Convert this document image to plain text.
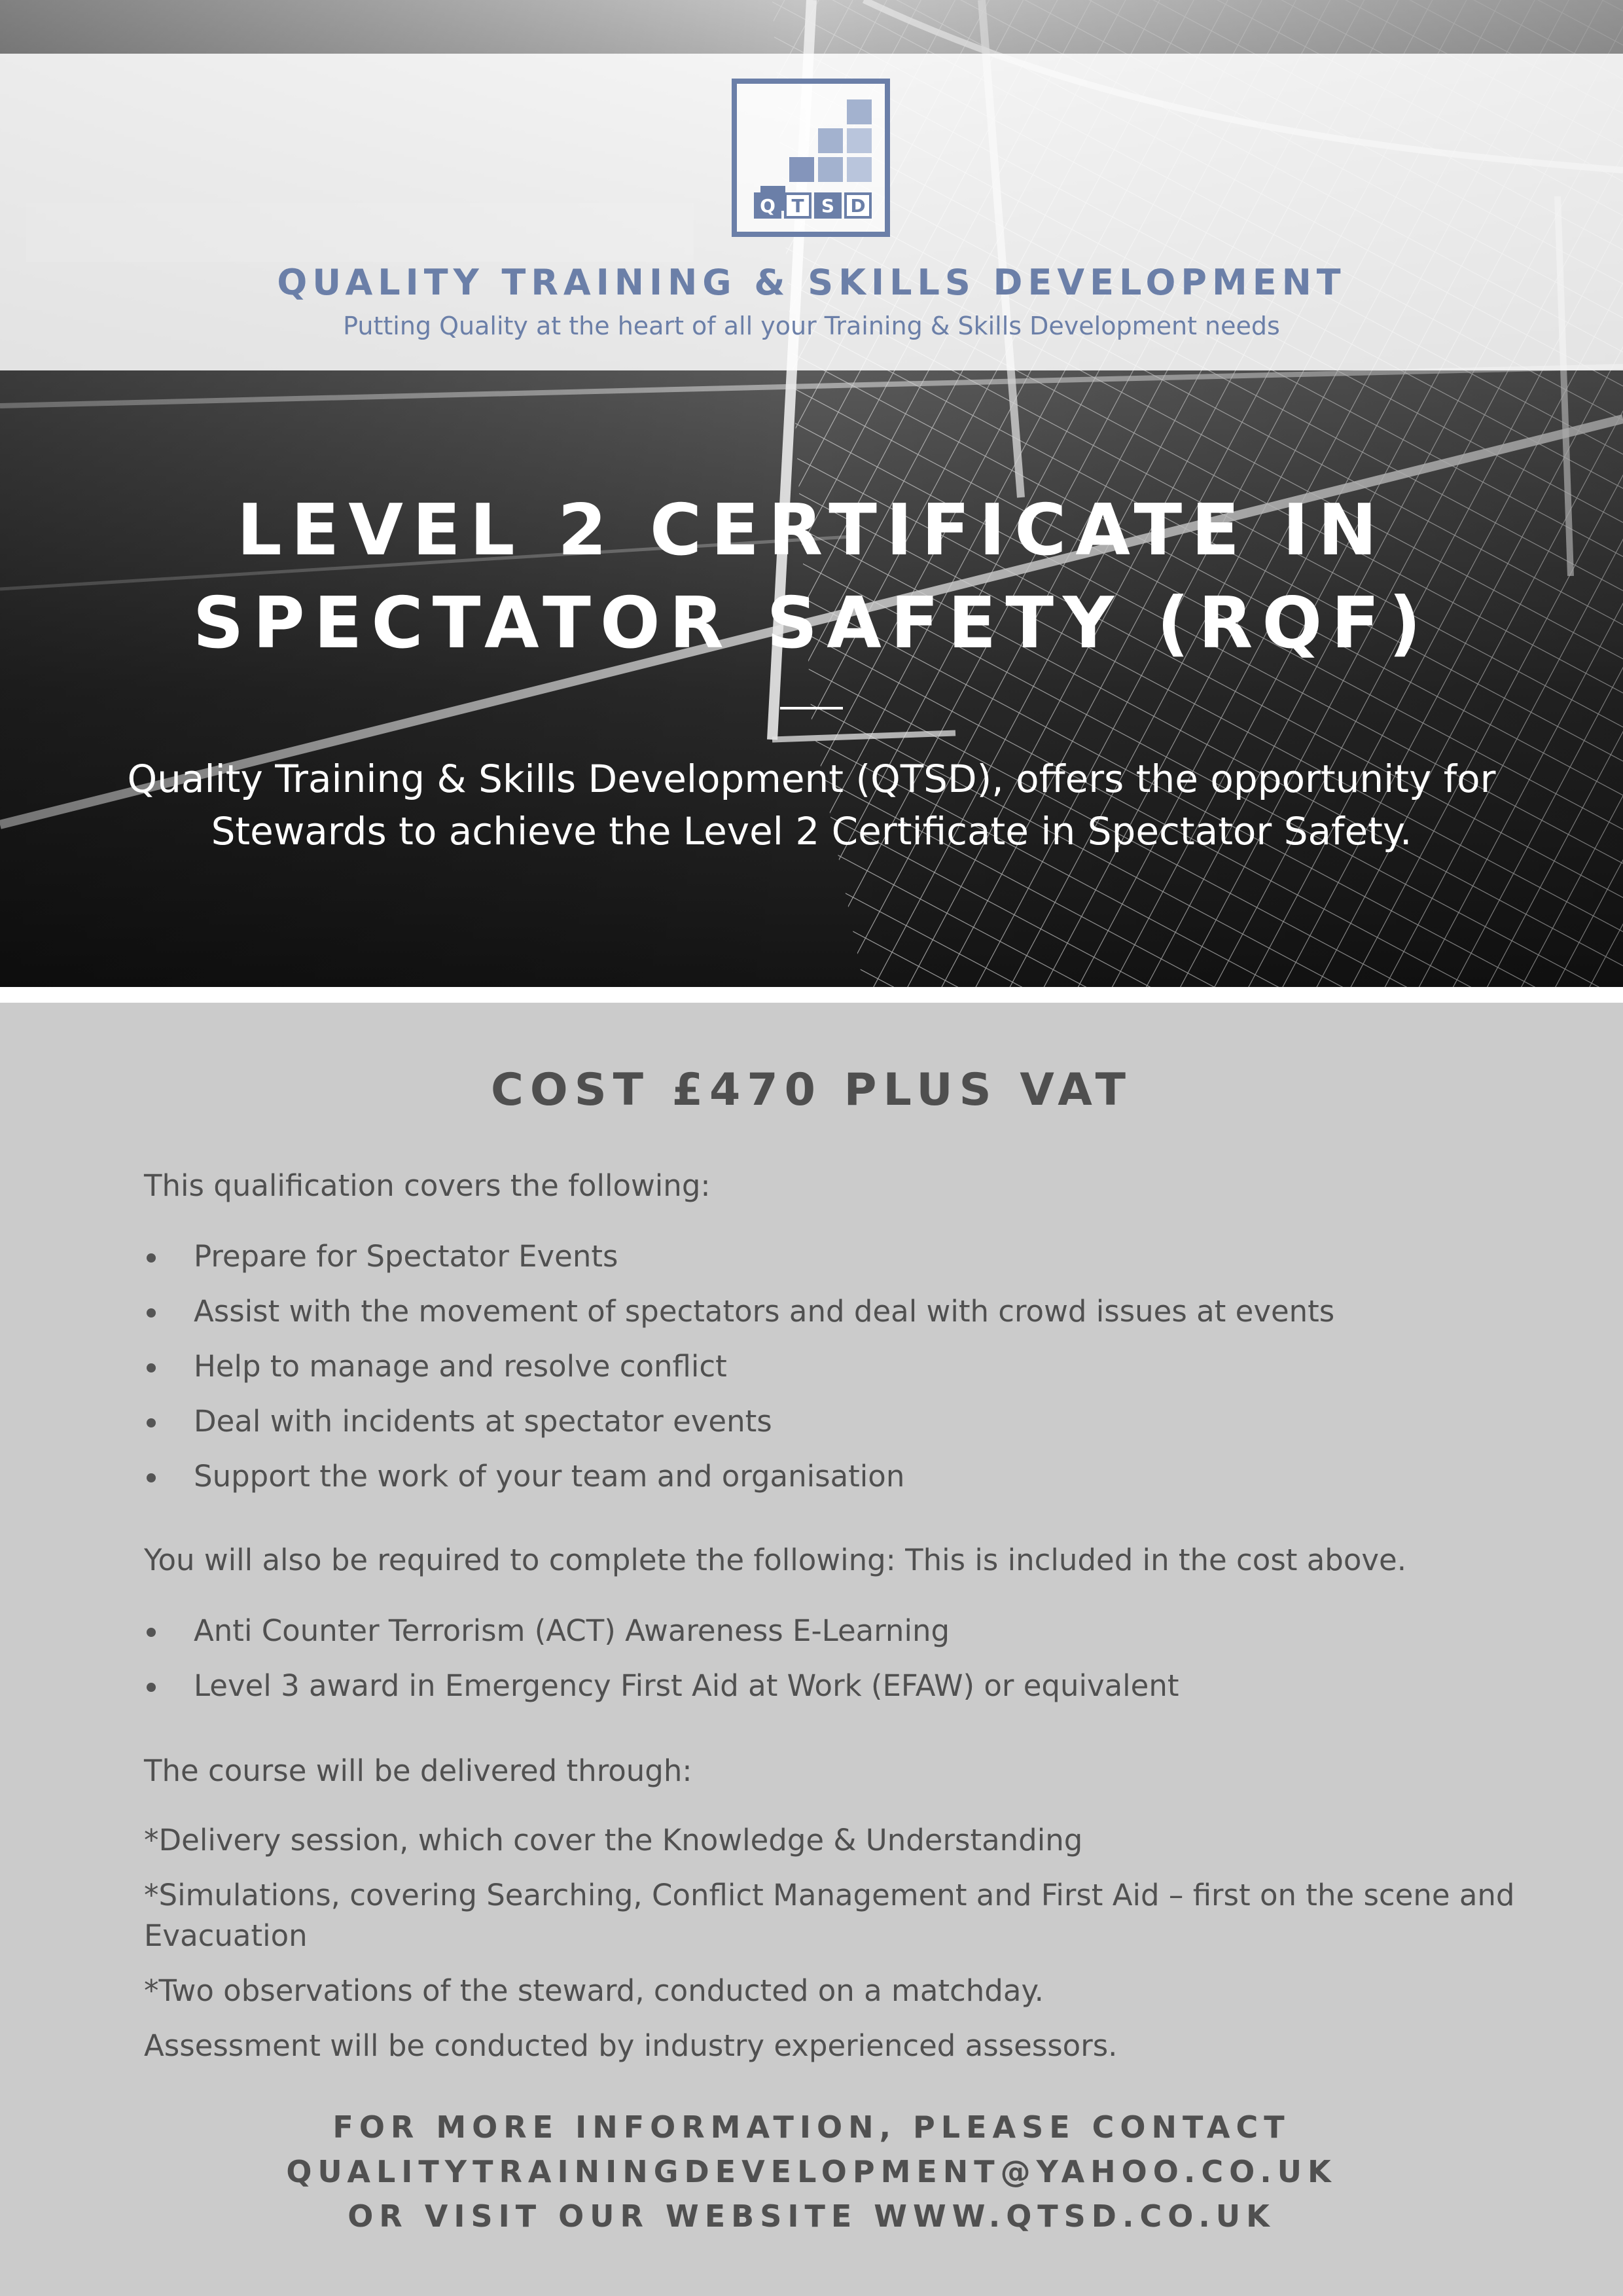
Q T S D
QUALITY TRAINING & SKILLS DEVELOPMENT
Putting Quality at the heart of all your Training & Skills Development needs
LEVEL 2 CERTIFICATE IN
SPECTATOR SAFETY (RQF)
Quality Training & Skills Development (QTSD), offers the opportunity for
Stewards to achieve the Level 2 Certificate in Spectator Safety.
COST £470 PLUS VAT
This qualification covers the following:
Prepare for Spectator Events
Assist with the movement of spectators and deal with crowd issues at events
Help to manage and resolve conflict
Deal with incidents at spectator events
Support the work of your team and organisation
You will also be required to complete the following: This is included in the cost above.
Anti Counter Terrorism (ACT) Awareness E-Learning
Level 3 award in Emergency First Aid at Work (EFAW) or equivalent
The course will be delivered through:
*Delivery session, which cover the Knowledge & Understanding
*Simulations, covering Searching, Conflict Management and First Aid – first on the scene and
Evacuation
*Two observations of the steward, conducted on a matchday.
Assessment will be conducted by industry experienced assessors.
FOR MORE INFORMATION, PLEASE CONTACT
QUALITYTRAININGDEVELOPMENT@YAHOO.CO.UK
OR VISIT OUR WEBSITE WWW.QTSD.CO.UK
